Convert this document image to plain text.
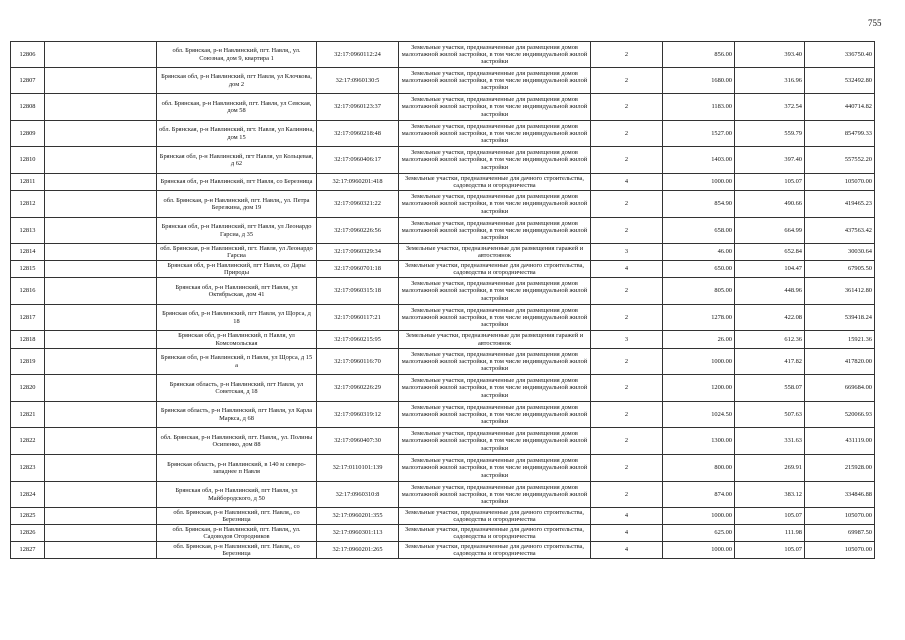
755
12806		обл. Брянская, р-н Навлинский, пгт. Навля,, ул. Союзная, дом 9, квартира 1	32:17:0960112:24	Земельные участки, предназначенные для размещения домов малоэтажной жилой застройки, в том числе индивидуальной жилой застройки	2	856.00	393.40	336750.40
12807		Брянская обл, р-н Навлинский, пгт Навля, ул Клочкова, дом 2	32:17:0960130:5	Земельные участки, предназначенные для размещения домов малоэтажной жилой застройки, в том числе индивидуальной жилой застройки	2	1680.00	316.96	532492.80
12808		обл. Брянская, р-н Навлинский, пгт. Навля, ул Севская, дом 58	32:17:0960123:37	Земельные участки, предназначенные для размещения домов малоэтажной жилой застройки, в том числе индивидуальной жилой застройки	2	1183.00	372.54	440714.82
12809		обл. Брянская, р-н Навлинский, пгт. Навля, ул Калинина, дом 15	32:17:0960218:48	Земельные участки, предназначенные для размещения домов малоэтажной жилой застройки, в том числе индивидуальной жилой застройки	2	1527.00	559.79	854799.33
12810		Брянская обл, р-н Навлинский, пгт Навля, ул Кольцевая, д 62	32:17:0960406:17	Земельные участки, предназначенные для размещения домов малоэтажной жилой застройки, в том числе индивидуальной жилой застройки	2	1403.00	397.40	557552.20
12811		Брянская обл, р-н Навлинский, пгт Навля, со Березница	32:17:0960201:418	Земельные участки, предназначенные для дачного строительства, садоводства и огородничества	4	1000.00	105.07	105070.00
12812		обл. Брянская, р-н Навлинский, пгт. Навля,, ул. Петра Березкина, дом 19	32:17:0960321:22	Земельные участки, предназначенные для размещения домов малоэтажной жилой застройки, в том числе индивидуальной жилой застройки	2	854.90	490.66	419465.23
12813		Брянская обл, р-н Навлинский, пгт Навля, ул Леонардо Гарсиа, д 35	32:17:0960226:56	Земельные участки, предназначенные для размещения домов малоэтажной жилой застройки, в том числе индивидуальной жилой застройки	2	658.00	664.99	437563.42
12814		обл. Брянская, р-н Навлинский, пгт. Навля, ул Леонардо Гарсиа	32:17:0960329:34	Земельные участки, предназначенные для размещения гаражей и автостоянок	3	46.00	652.84	30030.64
12815		Брянская обл, р-н Навлинский, пгт Навля, со Дары Природы	32:17:0960701:18	Земельные участки, предназначенные для дачного строительства, садоводства и огородничества	4	650.00	104.47	67905.50
12816		Брянская обл, р-н Навлинский, пгт Навля, ул Октябрьская, дом 41	32:17:0960315:18	Земельные участки, предназначенные для размещения домов малоэтажной жилой застройки, в том числе индивидуальной жилой застройки	2	805.00	448.96	361412.80
12817		Брянская обл, р-н Навлинский, пгт Навля, ул Щорса, д 18	32:17:0960117:21	Земельные участки, предназначенные для размещения домов малоэтажной жилой застройки, в том числе индивидуальной жилой застройки	2	1278.00	422.08	539418.24
12818		Брянская обл, р-н Навлинский, п Навля, ул Комсомольская	32:17:0960215:95	Земельные участки, предназначенные для размещения гаражей и автостоянок	3	26.00	612.36	15921.36
12819		Брянская обл, р-н Навлинский, п Навля, ул Щорса, д 15 а	32:17:0960116:70	Земельные участки, предназначенные для размещения домов малоэтажной жилой застройки, в том числе индивидуальной жилой застройки	2	1000.00	417.82	417820.00
12820		Брянская область, р-н Навлинский, пгт Навля, ул Советская, д 18	32:17:0960226:29	Земельные участки, предназначенные для размещения домов малоэтажной жилой застройки, в том числе индивидуальной жилой застройки	2	1200.00	558.07	669684.00
12821		Брянская область, р-н Навлинский, пгт Навля, ул Карла Маркса, д 68	32:17:0960319:12	Земельные участки, предназначенные для размещения домов малоэтажной жилой застройки, в том числе индивидуальной жилой застройки	2	1024.50	507.63	520066.93
12822		обл. Брянская, р-н Навлинский, пгт. Навля,, ул. Полины Осипенко, дом 88	32:17:0960407:30	Земельные участки, предназначенные для размещения домов малоэтажной жилой застройки, в том числе индивидуальной жилой застройки	2	1300.00	331.63	431119.00
12823		Брянская область, р-н Навлинский, в 140 м северо-западнее п Навля	32:17:0110101:139	Земельные участки, предназначенные для размещения домов малоэтажной жилой застройки, в том числе индивидуальной жилой застройки	2	800.00	269.91	215928.00
12824		Брянская обл, р-н Навлинский, пгт Навля, ул Майбородского, д 50	32:17:0960310:8	Земельные участки, предназначенные для размещения домов малоэтажной жилой застройки, в том числе индивидуальной жилой застройки	2	874.00	383.12	334846.88
12825		обл. Брянская, р-н Навлинский, пгт. Навля,, со Березница	32:17:0960201:355	Земельные участки, предназначенные для дачного строительства, садоводства и огородничества	4	1000.00	105.07	105070.00
12826		обл. Брянская, р-н Навлинский, пгт. Навля,, ул. Садоводов Огородников	32:17:0960301:113	Земельные участки, предназначенные для дачного строительства, садоводства и огородничества	4	625.00	111.98	69987.50
12827		обл. Брянская, р-н Навлинский, пгт. Навля,, со Березница	32:17:0960201:265	Земельные участки, предназначенные для дачного строительства, садоводства и огородничества	4	1000.00	105.07	105070.00
